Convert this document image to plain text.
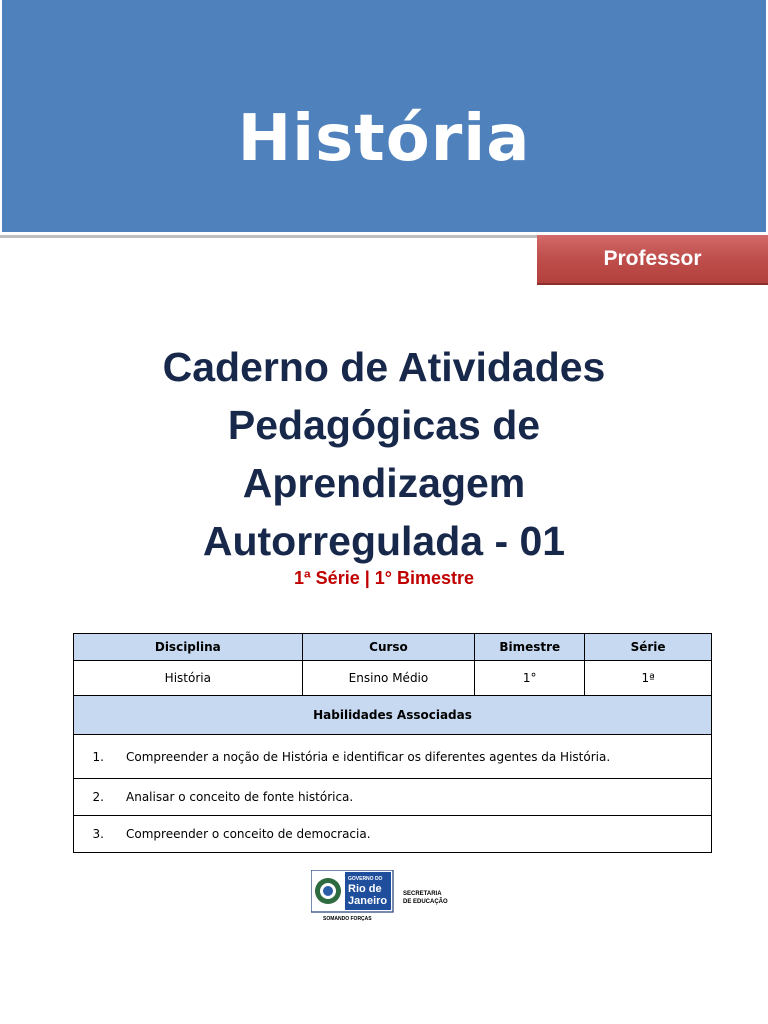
História
Professor
Caderno de Atividades
Pedagógicas de
Aprendizagem
Autorregulada - 01
1ª Série | 1° Bimestre
Disciplina	Curso	Bimestre	Série
História	Ensino Médio	1°	1ª
Habilidades Associadas			
1. Compreender a noção de História e identificar os diferentes agentes da História.			
2. Analisar o conceito de fonte histórica.			
3. Compreender o conceito de democracia.			
GOVERNO DO
Rio de
Janeiro
SOMANDO FORÇAS
SECRETARIA
DE EDUCAÇÃO
